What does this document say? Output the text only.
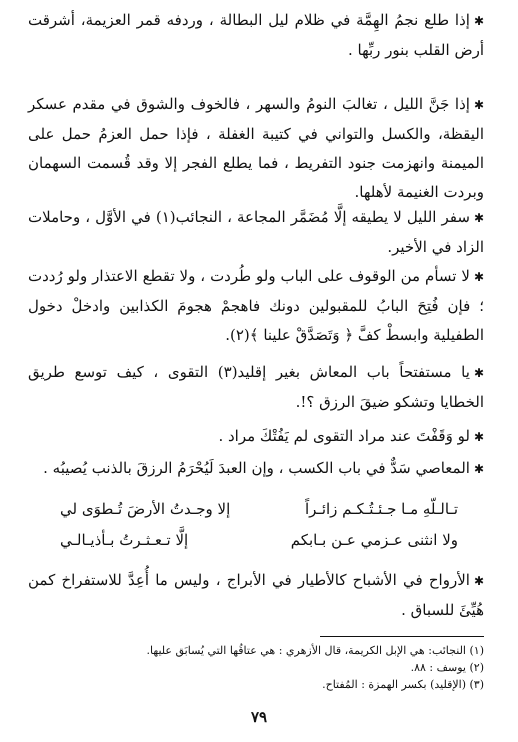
✱إذا طلع نجمُ الهِمَّة في ظلام ليل البطالة ، وردفه قمر العزيمة، أشرقت أرض القلب بنور ربِّها .

✱إذا جَنَّ الليل ، تغالبَ النومُ والسهر ، فالخوف والشوق في مقدم عسكر اليقظة، والكسل والتواني في كتيبة الغفلة ، فإذا حمل العزمُ حمل على الميمنة وانهزمت جنود التفريط ، فما يطلع الفجر إلا وقد قُسمت السهمان وبردت الغنيمة لأهلها.

✱سفر الليل لا يطيقه إلَّا مُضَمَّر المجاعة ، النجائب(١) في الأوَّل ، وحاملات الزاد في الأخير.

✱لا تسأم من الوقوف على الباب ولو طُردت ، ولا تقطع الاعتذار ولو رُددت ؛ فإن فُتِحَ البابُ للمقبولين دونك فاهجمْ هجومَ الكذابين وادخلْ دخول الطفيلية وابسطْ كفَّ ﴿ وَتَصَدَّقْ علينا ﴾(٢).

✱يا مستفتحاً باب المعاش بغير إقليد(٣) التقوى ، كيف توسع طريق الخطايا وتشكو ضيقَ الرزق ؟!.

✱لو وَقَفْتَ عند مراد التقوى لم يَفُتْكَ مراد .

✱المعاصي سَدٌّ في باب الكسب ، وإن العبدَ لَيُحْرَمُ الرزقَ بالذنب يُصيبُه .

تـالـلّهِ مـا جـئـتُـكـم زائـراً
إلا وجـدتُ الأرضَ تُـطوَى لي
ولا انثنى عـزمي عـن بـابكم
إلَّا تـعـثـرتُ بـأذيـالـي

✱الأرواح في الأشباح كالأطيار في الأبراج ، وليس ما أُعِدَّ للاستفراخ كمن هُيِّئَ للسباق .

(١) النجائب: هي الإبل الكريمة، قال الأزهري : هي عتاقُها التي يُسابَق عليها.
(٢) يوسف : ٨٨.
(٣) (الإقليد) بكسر الهمزة : المُفتاح.
٧٩
